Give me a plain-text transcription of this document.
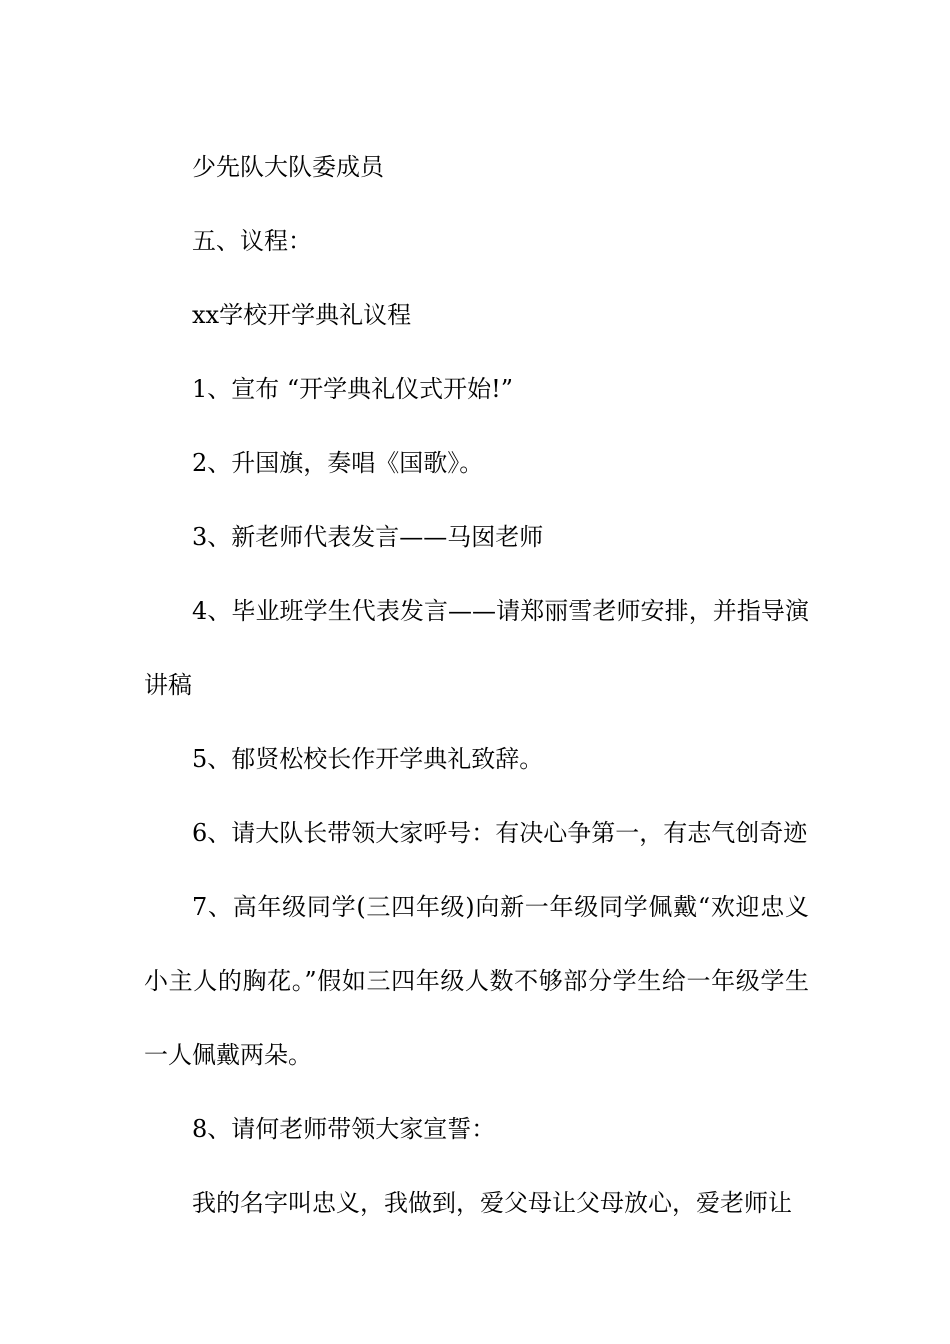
少先队大队委成员

五、议程：

xx学校开学典礼议程

1、宣布 “开学典礼仪式开始!”

2、升国旗，奏唱《国歌》。

3、新老师代表发言——马囡老师

4、毕业班学生代表发言——请郑丽雪老师安排，并指导演讲稿

5、郁贤松校长作开学典礼致辞。

6、请大队长带领大家呼号：有决心争第一，有志气创奇迹

7、高年级同学(三四年级)向新一年级同学佩戴“欢迎忠义小主人的胸花。”假如三四年级人数不够部分学生给一年级学生一人佩戴两朵。

8、请何老师带领大家宣誓：

我的名字叫忠义，我做到，爱父母让父母放心，爱老师让
